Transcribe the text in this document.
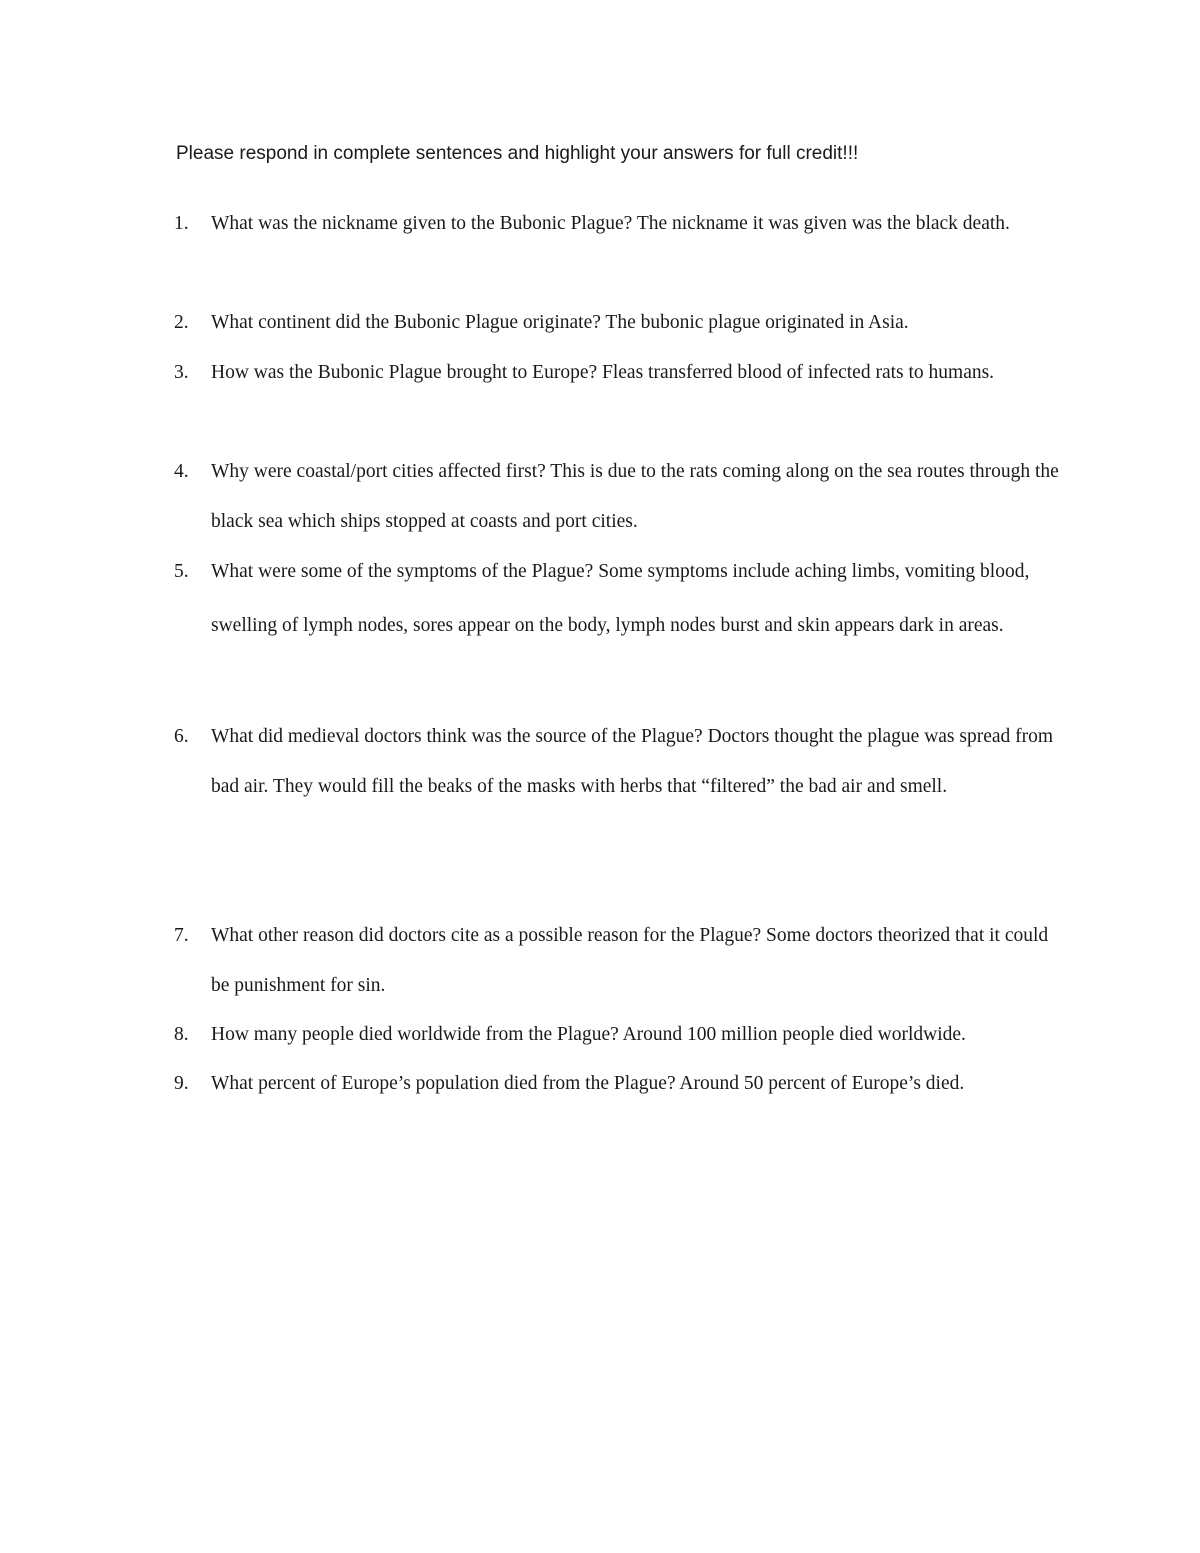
Please respond in complete sentences and highlight your answers for full credit!!!
1.	What was the nickname given to the Bubonic Plague? The nickname it was given was the black death.
2.	What continent did the Bubonic Plague originate? The bubonic plague originated in Asia.
3.	How was the Bubonic Plague brought to Europe? Fleas transferred blood of infected rats to humans.
4.	Why were coastal/port cities affected first? This is due to the rats coming along on the sea routes through the black sea which ships stopped at coasts and port cities.
5.	What were some of the symptoms of the Plague? Some symptoms include aching limbs, vomiting blood, swelling of lymph nodes, sores appear on the body, lymph nodes burst and skin appears dark in areas.
6.	What did medieval doctors think was the source of the Plague? Doctors thought the plague was spread from bad air. They would fill the beaks of the masks with herbs that “filtered” the bad air and smell.
7.	What other reason did doctors cite as a possible reason for the Plague? Some doctors theorized that it could be punishment for sin.
8.	How many people died worldwide from the Plague? Around 100 million people died worldwide.
9.	What percent of Europe’s population died from the Plague? Around 50 percent of Europe’s died.
